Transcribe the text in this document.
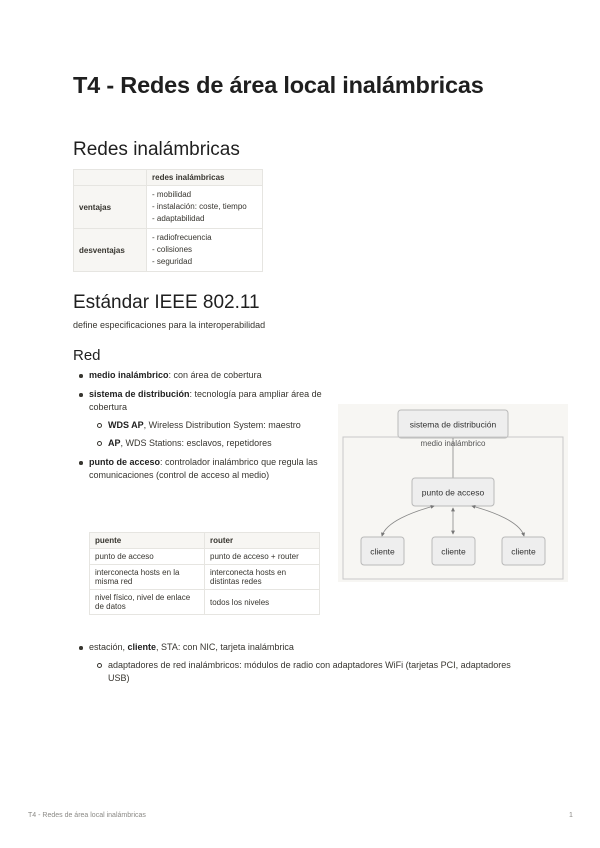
T4 - Redes de área local inalámbricas
Redes inalámbricas
	redes inalámbricas
ventajas	- mobilidad
- instalación: coste, tiempo
- adaptabilidad

desventajas	- radiofrecuencia
- colisiones
- seguridad
Estándar IEEE 802.11

define especificaciones para la interoperabilidad

Red
medio inalámbrico: con área de cobertura
sistema de distribución: tecnología para ampliar área de cobertura
WDS AP, Wireless Distribution System: maestro
AP, WDS Stations: esclavos, repetidores
punto de acceso: controlador inalámbrico que regula las comunicaciones (control de acceso al medio)
puente	router
punto de acceso	punto de acceso + router
interconecta hosts en la misma red	interconecta hosts en distintas redes
nivel físico, nivel de enlace de datos	todos los niveles
estación, cliente, STA: con NIC, tarjeta inalámbrica
adaptadores de red inalámbricos: módulos de radio con adaptadores WiFi (tarjetas PCI, adaptadores USB)
sistema de distribución
medio inalámbrico
punto de acceso
cliente	cliente	cliente
T4 - Redes de área local inalámbricas	1
